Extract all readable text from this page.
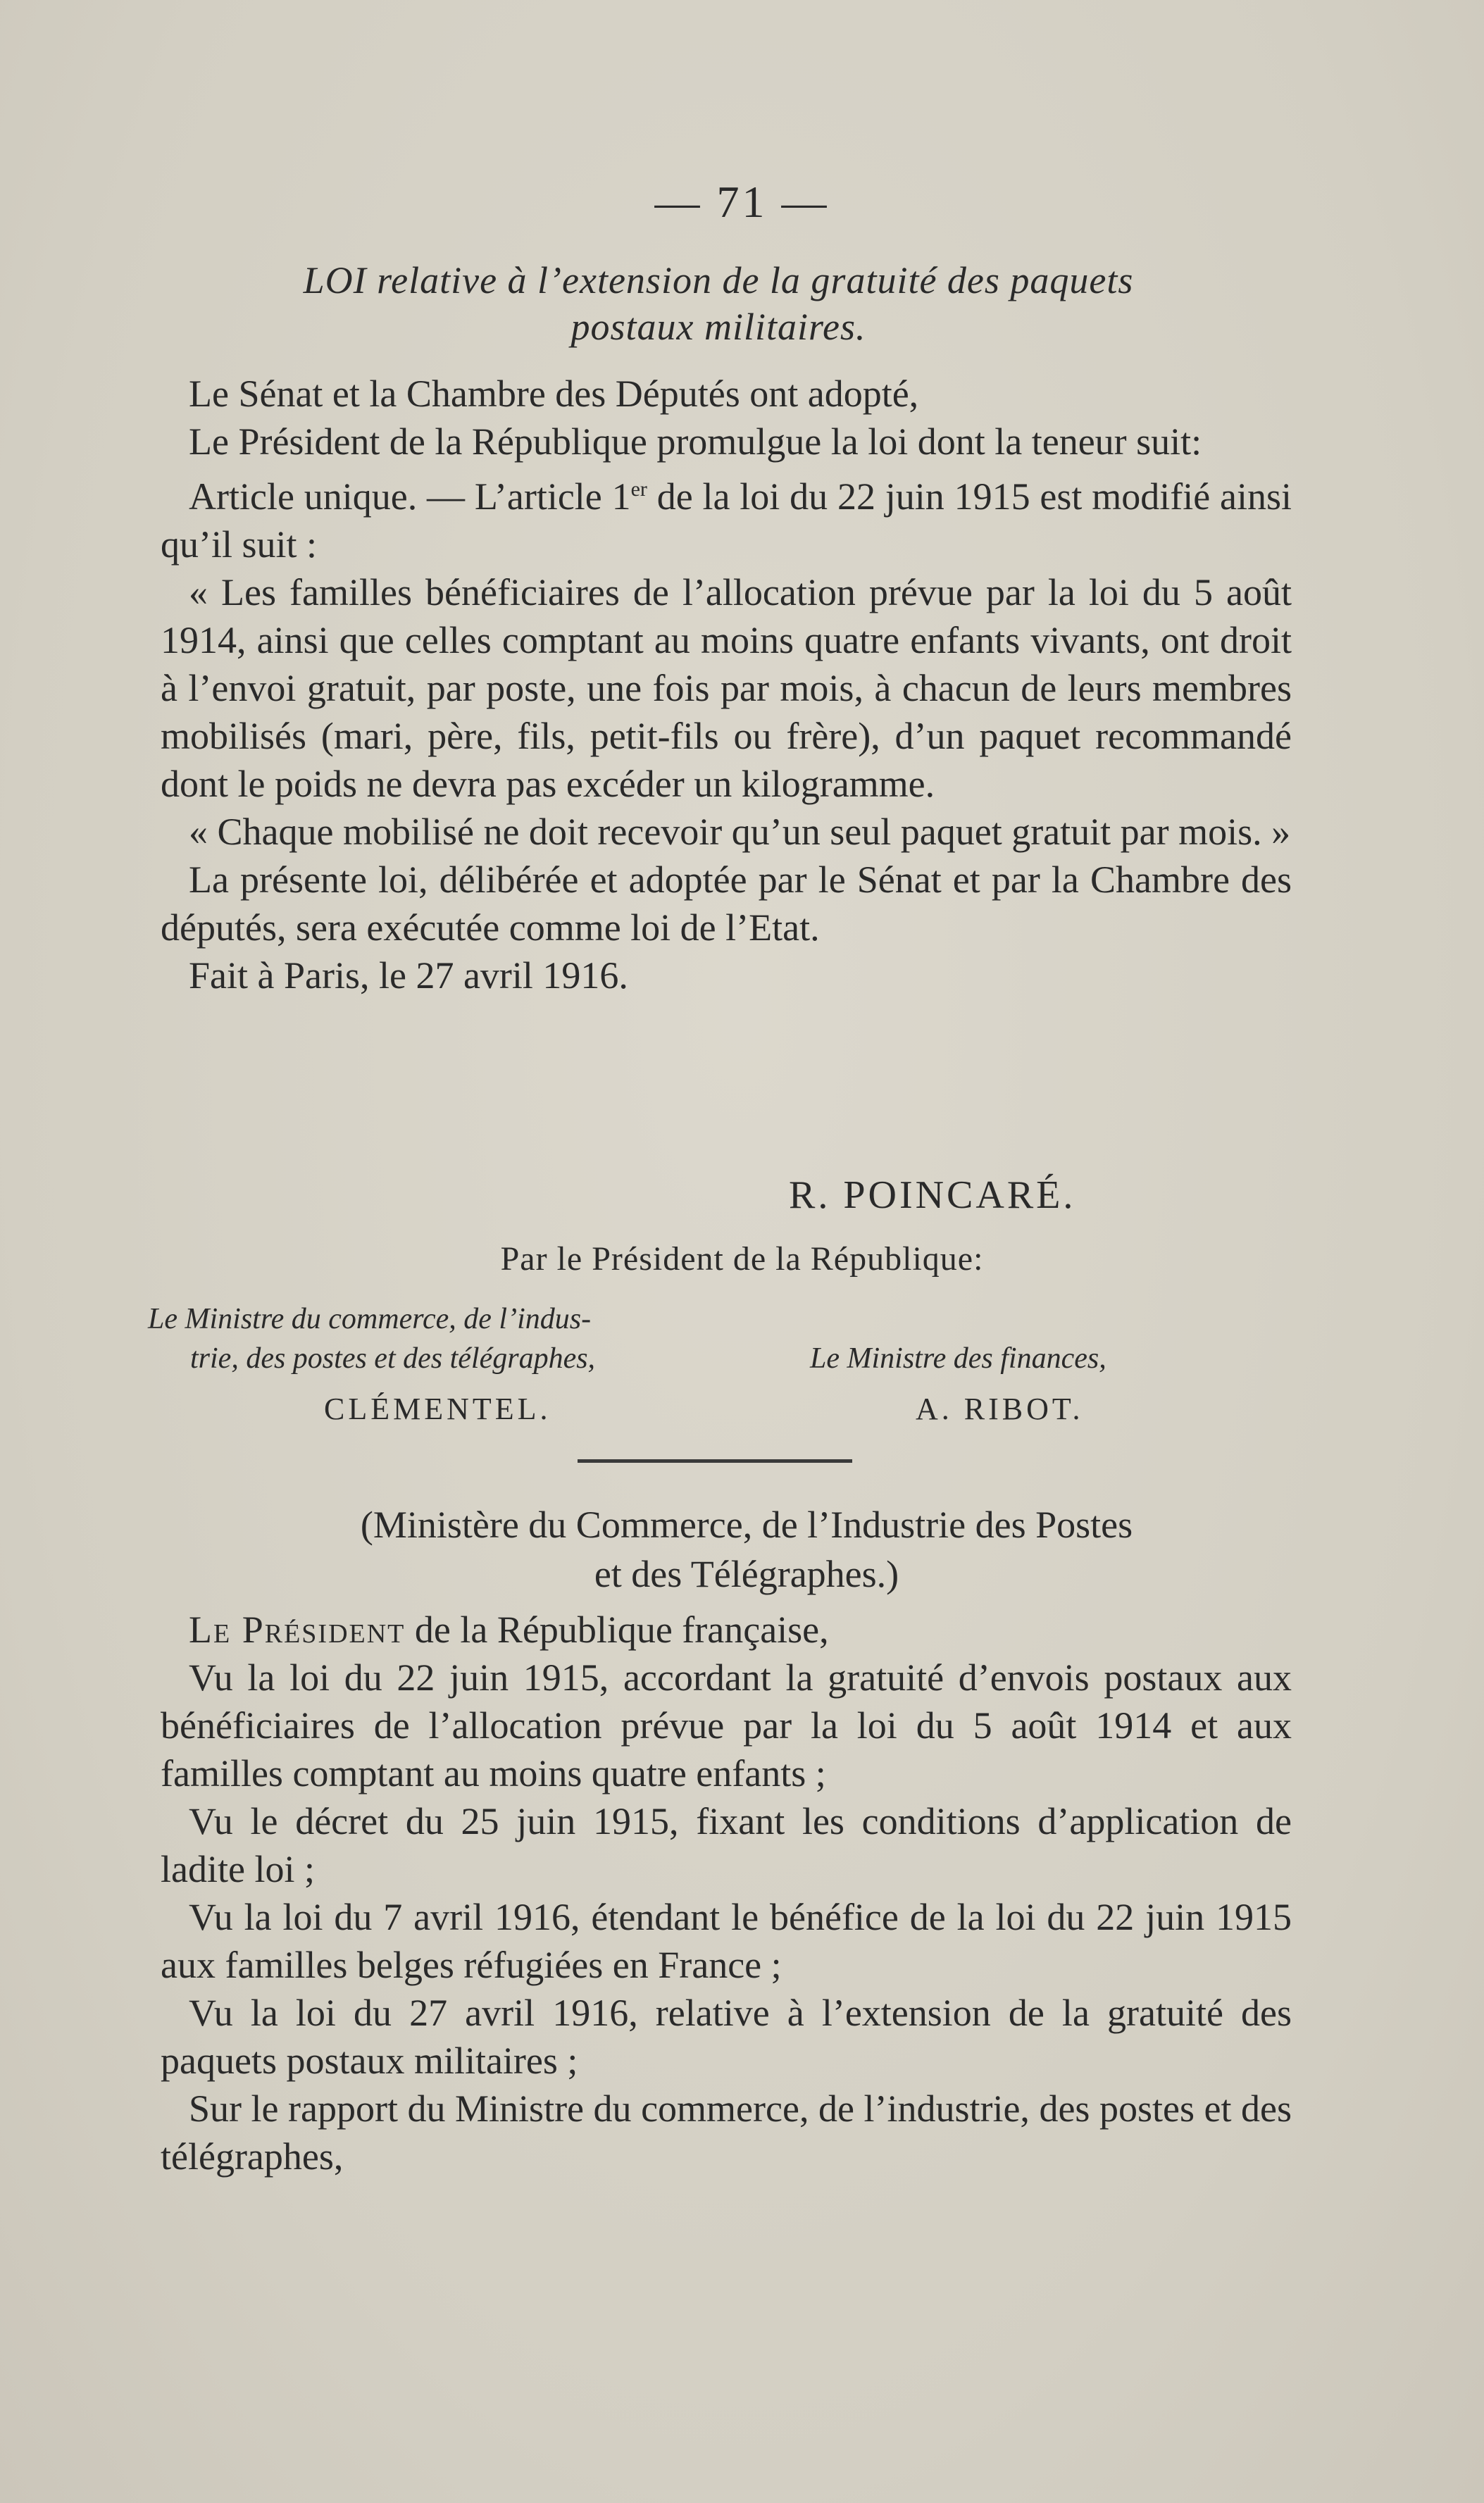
— 71 —
LOI relative à l’extension de la gratuité des paquets
postaux militaires.

Le Sénat et la Chambre des Députés ont adopté,

Le Président de la République promulgue la loi dont la teneur suit:

Article unique. — L’article 1er de la loi du 22 juin 1915 est modifié ainsi qu’il suit :

« Les familles bénéficiaires de l’allocation prévue par la loi du 5 août 1914, ainsi que celles comptant au moins quatre enfants vivants, ont droit à l’envoi gratuit, par poste, une fois par mois, à chacun de leurs membres mobilisés (mari, père, fils, petit-fils ou frère), d’un paquet recommandé dont le poids ne devra pas excéder un kilogramme.

« Chaque mobilisé ne doit recevoir qu’un seul paquet gratuit par mois. »

La présente loi, délibérée et adoptée par le Sénat et par la Chambre des députés, sera exécutée comme loi de l’Etat.

Fait à Paris, le 27 avril 1916.

R. POINCARÉ.
Par le Président de la République:
Le Ministre du commerce, de l’indus-
trie, des postes et des télégraphes,	Le Ministre des finances,
CLÉMENTEL.	A. RIBOT.
(Ministère du Commerce, de l’Industrie des Postes
et des Télégraphes.)

Le Président de la République française,

Vu la loi du 22 juin 1915, accordant la gratuité d’envois postaux aux bénéficiaires de l’allocation prévue par la loi du 5 août 1914 et aux familles comptant au moins quatre enfants ;

Vu le décret du 25 juin 1915, fixant les conditions d’application de ladite loi ;

Vu la loi du 7 avril 1916, étendant le bénéfice de la loi du 22 juin 1915 aux familles belges réfugiées en France ;

Vu la loi du 27 avril 1916, relative à l’extension de la gratuité des paquets postaux militaires ;

Sur le rapport du Ministre du commerce, de l’industrie, des postes et des télégraphes,
